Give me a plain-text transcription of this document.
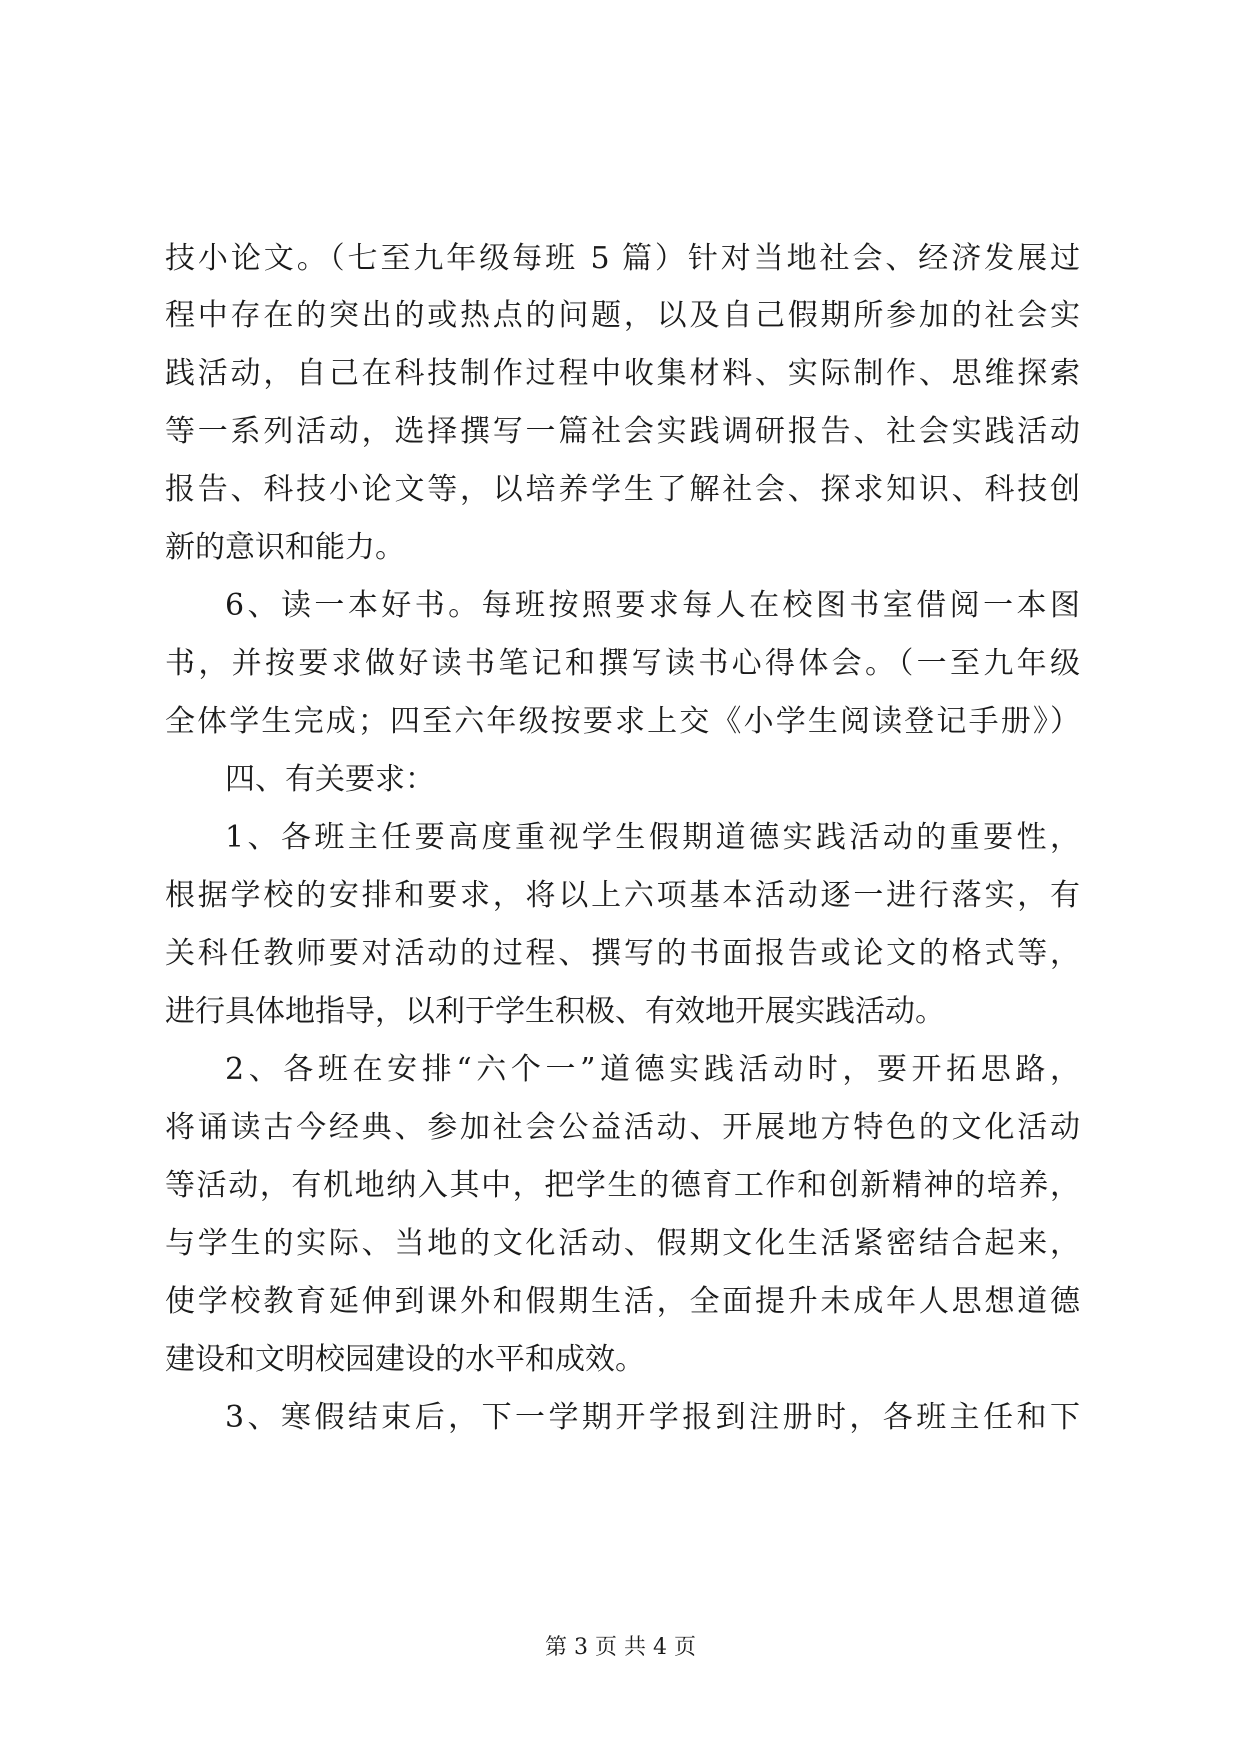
技小论文。（七至九年级每班 5 篇）针对当地社会、经济发展过
程中存在的突出的或热点的问题，以及自己假期所参加的社会实
践活动，自己在科技制作过程中收集材料、实际制作、思维探索
等一系列活动，选择撰写一篇社会实践调研报告、社会实践活动
报告、科技小论文等，以培养学生了解社会、探求知识、科技创
新的意识和能力。
6、读一本好书。每班按照要求每人在校图书室借阅一本图
书，并按要求做好读书笔记和撰写读书心得体会。（一至九年级
全体学生完成；四至六年级按要求上交《小学生阅读登记手册》）
四、有关要求：
1、各班主任要高度重视学生假期道德实践活动的重要性，
根据学校的安排和要求，将以上六项基本活动逐一进行落实，有
关科任教师要对活动的过程、撰写的书面报告或论文的格式等，
进行具体地指导，以利于学生积极、有效地开展实践活动。
2、各班在安排“六个一”道德实践活动时，要开拓思路，
将诵读古今经典、参加社会公益活动、开展地方特色的文化活动
等活动，有机地纳入其中，把学生的德育工作和创新精神的培养，
与学生的实际、当地的文化活动、假期文化生活紧密结合起来，
使学校教育延伸到课外和假期生活，全面提升未成年人思想道德
建设和文明校园建设的水平和成效。
3、寒假结束后，下一学期开学报到注册时，各班主任和下
第 3 页 共 4 页
